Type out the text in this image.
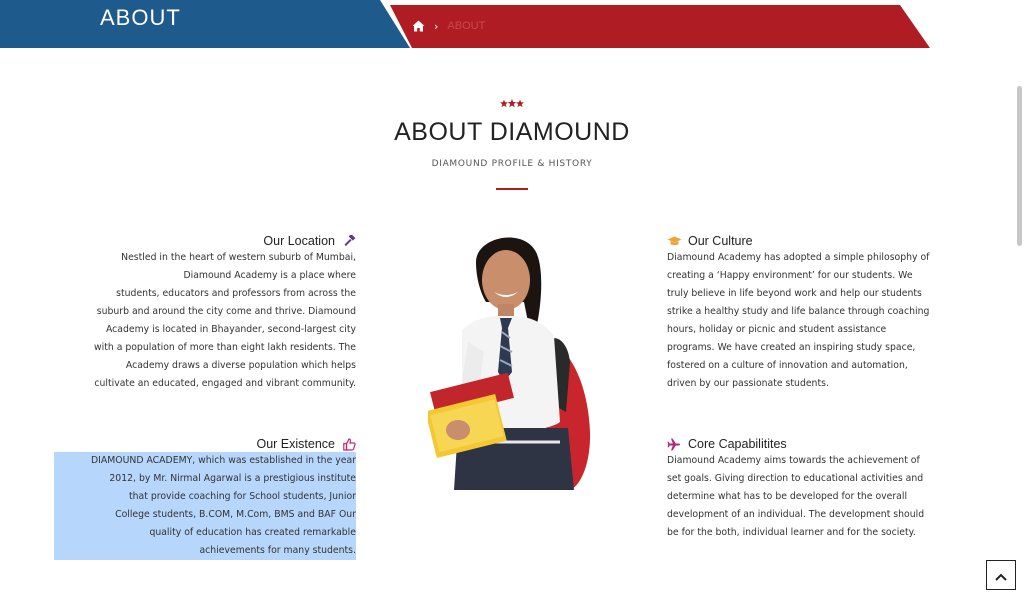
ABOUT	› ABOUT
ABOUT DIAMOUND
DIAMOUND PROFILE & HISTORY
Our Location
Nestled in the heart of western suburb of Mumbai,
Diamound Academy is a place where
students, educators and professors from across the
suburb and around the city come and thrive. Diamound
Academy is located in Bhayander, second-largest city
with a population of more than eight lakh residents. The
Academy draws a diverse population which helps
cultivate an educated, engaged and vibrant community.
Our Existence
DIAMOUND ACADEMY, which was established in the year
2012, by Mr. Nirmal Agarwal is a prestigious institute
that provide coaching for School students, Junior
College students, B.COM, M.Com, BMS and BAF Our
quality of education has created remarkable
achievements for many students.
Our Culture
Diamound Academy has adopted a simple philosophy of
creating a ‘Happy environment’ for our students. We
truly believe in life beyond work and help our students
strike a healthy study and life balance through coaching
hours, holiday or picnic and student assistance
programs. We have created an inspiring study space,
fostered on a culture of innovation and automation,
driven by our passionate students.
Core Capabilitites
Diamound Academy aims towards the achievement of
set goals. Giving direction to educational activities and
determine what has to be developed for the overall
development of an individual. The development should
be for the both, individual learner and for the society.
